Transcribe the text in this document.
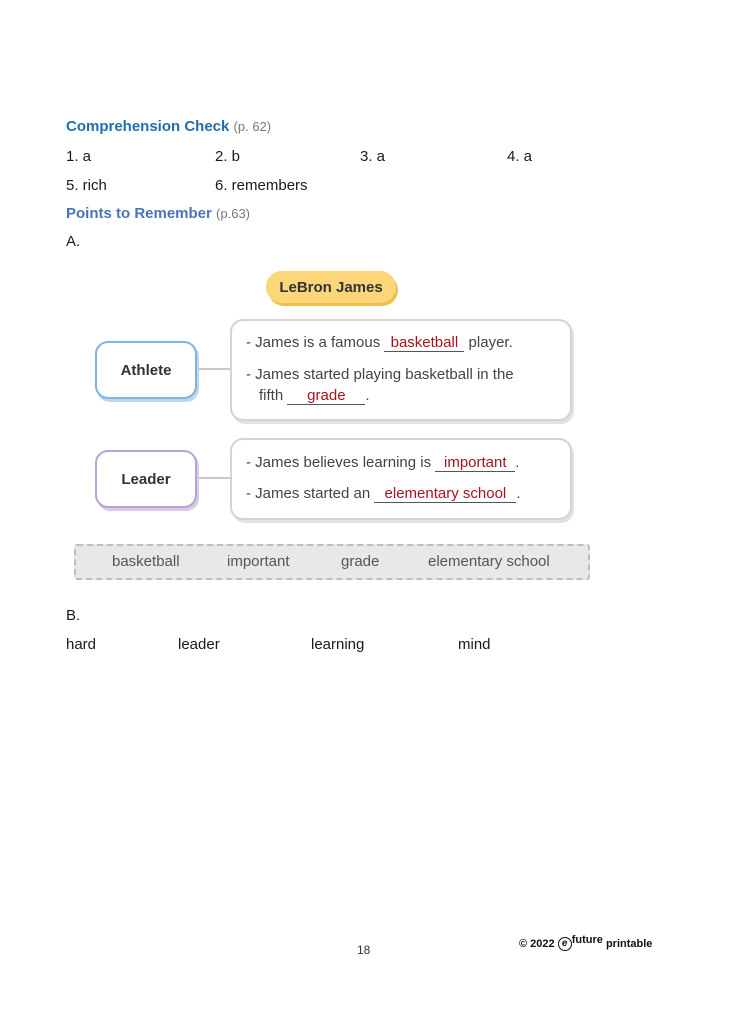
Comprehension Check (p. 62)
1. a	2. b	3. a	4. a
5. rich	6. remembers
Points to Remember (p.63)
A.
LeBron James
Athlete
Leader
- James is a famous basketball player.
- James started playing basketball in the
fifth grade .
- James believes learning is important .
- James started an elementary school .
basketball	important	grade	elementary school
B.
hard	leader	learning	mind
18	© 2022 e future printable
